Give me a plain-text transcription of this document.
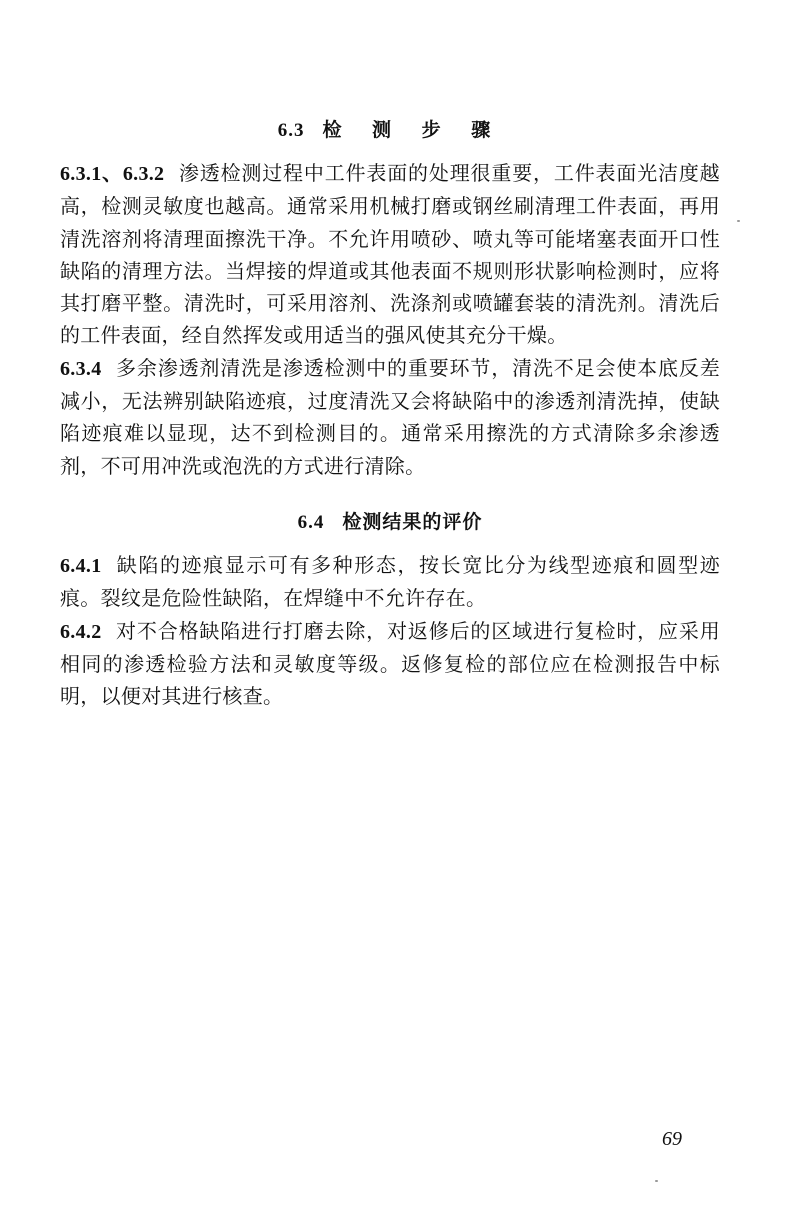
6.3 检 测 步 骤

6.3.1、6.3.2 渗透检测过程中工件表面的处理很重要，工件表面光洁度越高，检测灵敏度也越高。通常采用机械打磨或钢丝刷清理工件表面，再用清洗溶剂将清理面擦洗干净。不允许用喷砂、喷丸等可能堵塞表面开口性缺陷的清理方法。当焊接的焊道或其他表面不规则形状影响检测时，应将其打磨平整。清洗时，可采用溶剂、洗涤剂或喷罐套装的清洗剂。清洗后的工件表面，经自然挥发或用适当的强风使其充分干燥。

6.3.4 多余渗透剂清洗是渗透检测中的重要环节，清洗不足会使本底反差减小，无法辨别缺陷迹痕，过度清洗又会将缺陷中的渗透剂清洗掉，使缺陷迹痕难以显现，达不到检测目的。通常采用擦洗的方式清除多余渗透剂，不可用冲洗或泡洗的方式进行清除。

6.4 检测结果的评价

6.4.1 缺陷的迹痕显示可有多种形态，按长宽比分为线型迹痕和圆型迹痕。裂纹是危险性缺陷，在焊缝中不允许存在。

6.4.2 对不合格缺陷进行打磨去除，对返修后的区域进行复检时，应采用相同的渗透检验方法和灵敏度等级。返修复检的部位应在检测报告中标明，以便对其进行核查。

69
